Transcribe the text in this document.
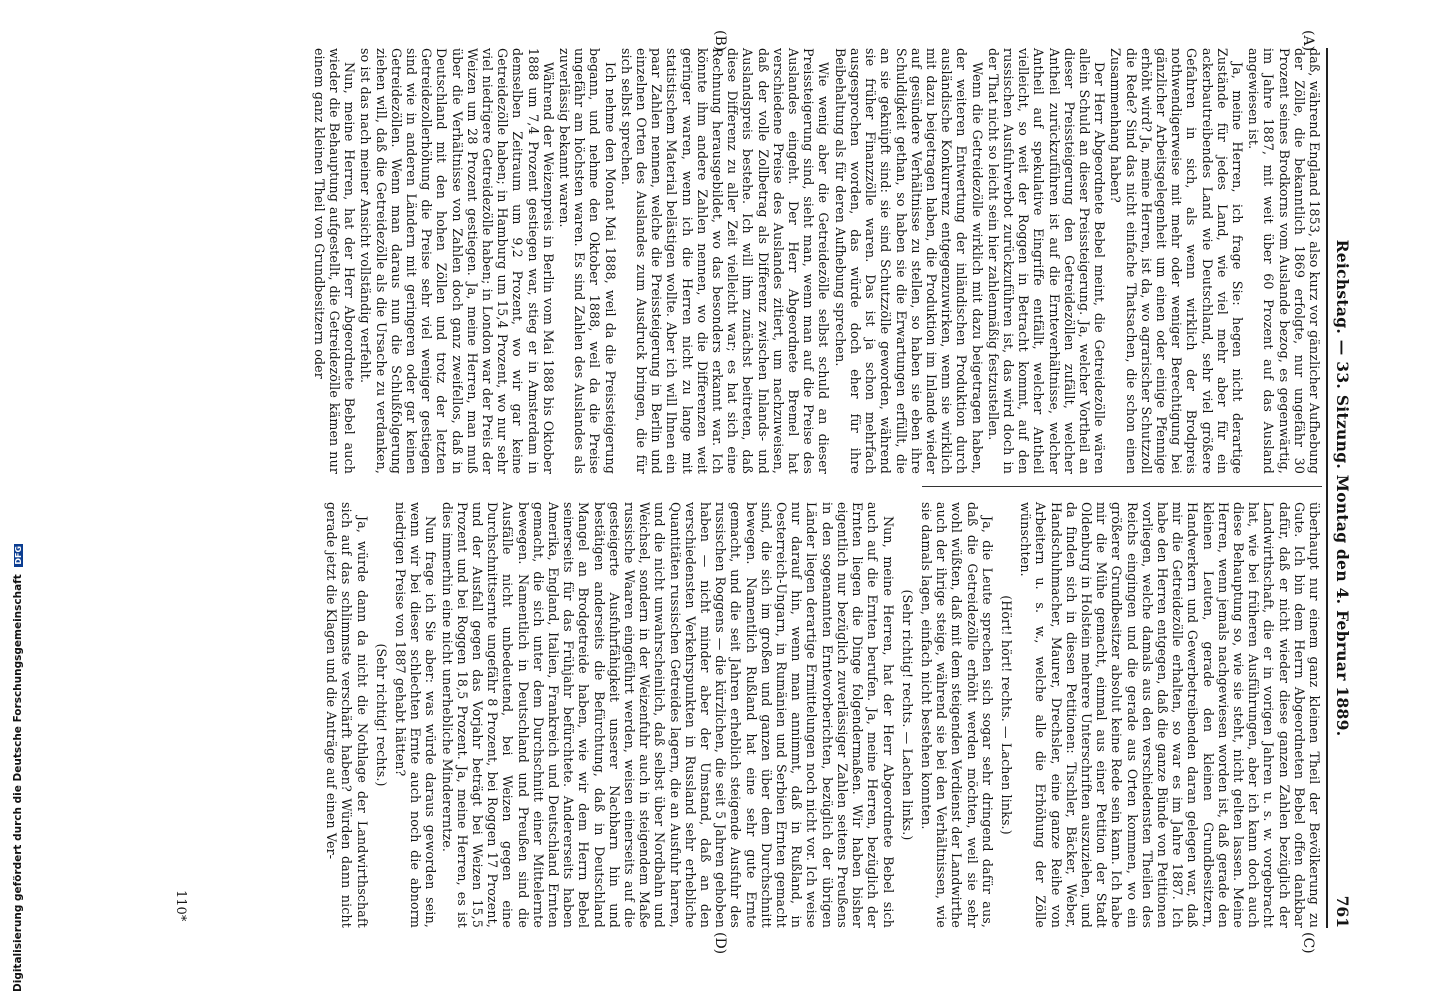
Digitalisierung gefördert durch die Deutsche Forschungsgemeinschaft DFG	Reichstag. — 33. Sitzung. Montag den 4. Februar 1889.
761
(A)
(B)
(C)
(D)

daß, während England 1853, also kurz vor gänzlicher Aufhebung der Zölle, die bekanntlich 1869 erfolgte, nur ungefähr 30 Prozent seines Brodkorns vom Auslande bezog, es gegenwärtig, im Jahre 1887, mit weit über 60 Prozent auf das Ausland angewiesen ist.

Ja, meine Herren, ich frage Sie: hegen nicht derartige Zustände für jedes Land, wie viel mehr aber für ein ackerbautreibendes Land wie Deutschland, sehr viel größere Gefahren in sich, als wenn wirklich der Brodpreis nothwendigerweise mit mehr oder weniger Berechtigung bei gänzlicher Arbeitsgelegenheit um einen oder einige Pfennige erhöht wird? Ja, meine Herren, ist da, wo agrarischer Schutzzoll die Rede? Sind das nicht einfache Thatsachen, die schon einen Zusammenhang haben?

Der Herr Abgeordnete Bebel meint, die Getreidezölle wären allein Schuld an dieser Preissteigerung. Ja, welcher Vortheil an dieser Preissteigerung den Getreidezöllen zufällt, welcher Antheil zurückzuführen ist auf die Ernteverhältnisse, welcher Antheil auf spekulative Eingriffe entfällt, welcher Antheil vielleicht, so weit der Roggen in Betracht kommt, auf den russischen Ausfuhrverbot zurückzuführen ist, das wird doch in der That nicht so leicht sein hier zahlenmäßig festzustellen.

Wenn die Getreidezölle wirklich mit dazu beigetragen haben, der weiteren Entwertung der inländischen Produktion durch ausländische Konkurrenz entgegenzuwirken, wenn sie wirklich mit dazu beigetragen haben, die Produktion im Inlande wieder auf gesündere Verhältnisse zu stellen, so haben sie eben ihre Schuldigkeit gethan, so haben sie die Erwartungen erfüllt, die an sie geknüpft sind: sie sind Schutzzölle geworden, während sie früher Finanzzölle waren. Das ist ja schon mehrfach ausgesprochen worden, das würde doch eher für ihre Beibehaltung als für deren Aufhebung sprechen.

Wie wenig aber die Getreidezölle selbst schuld an dieser Preissteigerung sind, sieht man, wenn man auf die Preise des Auslandes eingeht. Der Herr Abgeordnete Bremel hat verschiedene Preise des Auslandes zitiert, um nachzuweisen, daß der volle Zollbetrag als Differenz zwischen Inlands- und Auslandspreis bestehe. Ich will ihm zunächst beitreten, daß diese Differenz zu aller Zeit vielleicht war; es hat sich eine Rechnung herausgebildet, wo das besonders erkannt war. Ich könnte ihm andere Zahlen nennen, wo die Differenzen weit geringer waren, wenn ich die Herren nicht zu lange mit statistischem Material belästigen wollte. Aber ich will Ihnen ein paar Zahlen nennen, welche die Preissteigerung in Berlin und einzelnen Orten des Auslandes zum Ausdruck bringen, die für sich selbst sprechen.

Ich nehme den Monat Mai 1888, weil da die Preissteigerung begann, und nehme den Oktober 1888, weil da die Preise ungefähr am höchsten waren. Es sind Zahlen des Auslandes als zuverlässig bekannt waren.

Während der Weizenpreis in Berlin vom Mai 1888 bis Oktober 1888 um 7,4 Prozent gestiegen war, stieg er in Amsterdam in demselben Zeitraum um 9,2 Prozent, wo wir gar keine Getreidezölle haben; in Hamburg um 15,4 Prozent, wo nur sehr viel niedrigere Getreidezölle haben; in London war der Preis der Weizen um 28 Prozent gestiegen. Ja, meine Herren, man muß über die Verhältnisse von Zahlen doch ganz zweifellos, daß in Deutschland mit den hohen Zöllen und trotz der letzten Getreidezollerhöhung die Preise sehr viel weniger gestiegen sind wie in anderen Ländern mit geringeren oder gar keinen Getreidezöllen. Wenn man daraus nun die Schlußfolgerung ziehen will, daß die Getreidezölle als die Ursache zu verdanken, so ist das nach meiner Ansicht vollständig verfehlt.

Nun, meine Herren, hat der Herr Abgeordnete Bebel auch wieder die Behauptung aufgestellt, die Getreidezölle kämen nur einem ganz kleinen Theil von Grundbesitzern oder

überhaupt nur einem ganz kleinen Theil der Bevölkerung zu Gute. Ich bin dem Herrn Abgeordneten Bebel offen dankbar dafür, daß er nicht wieder diese ganzen Zahlen bezüglich der Landwirthschaft, die er in vorigen Jahren u. s. w. vorgebracht hat, wie bei früheren Ausführungen, aber ich kann doch auch diese Behauptung so, wie sie steht, nicht gelten lassen. Meine Herren, wenn jemals nachgewiesen worden ist, daß gerade den kleinen Leuten, gerade den kleinen Grundbesitzern, Handwerkern und Gewerbetreibenden daran gelegen war, daß mir die Getreidezölle erhalten, so war es im Jahre 1887. Ich habe den Herren entgegen, daß die ganze Bünde von Petitionen vorliegen, welche damals aus den verschiedensten Theilen des Reichs eingingen und die gerade aus Orten kommen, wo ein größerer Grundbesitzer absolut keine Rede sein kann. Ich habe mir die Mühe gemacht, einmal aus einer Petition der Stadt Oldenburg in Holstein mehrere Unterschriften auszuziehen, und da finden sich in diesen Petitionen: Tischler, Bäcker, Weber, Handschuhmacher, Maurer, Drechsler, eine ganze Reihe von Arbeitern u. s. w., welche alle die Erhöhung der Zölle wünschten.

(Hört! hört! rechts. — Lachen links.)

Ja, die Leute sprechen sich sogar sehr dringend dafür aus, daß die Getreidezölle erhöht werden möchten, weil sie sehr wohl wüßten, daß mit dem steigenden Verdienst der Landwirthe auch der ihrige steige, während sie bei den Verhältnissen, wie sie damals lagen, einfach nicht bestehen konnten.

(Sehr richtig! rechts. — Lachen links.)

Nun, meine Herren, hat der Herr Abgeordnete Bebel sich auch auf die Ernten berufen. Ja, meine Herren, bezüglich der Ernten liegen die Dinge folgendermaßen. Wir haben bisher eigentlich nur bezüglich zuverlässiger Zahlen seitens Preußens in den sogenannten Erntevorberichten, bezüglich der übrigen Länder liegen derartige Ermittelungen noch nicht vor. Ich weise nur darauf hin, wenn man annimmt, daß in Rußland, in Oesterreich-Ungarn, in Rumänien und Serbien Ernten gemacht sind, die sich im großen und ganzen über dem Durchschnitt bewegen. Namentlich Rußland hat eine sehr gute Ernte gemacht, und die seit Jahren erheblich steigende Ausfuhr des russischen Roggens — die kürzlichen, die seit 5 Jahren gehoben haben — nicht minder aber der Umstand, daß an den verschiedensten Verkehrspunkten in Russland sehr erhebliche Quantitäten russischen Getreides lagern, die an Ausfuhr harren, und die nicht unwahrscheinlich, daß selbst über Nordbahn und Weichsel, sondern in der Weizenfuhr auch in steigendem Maße russische Waaren eingeführt werden, weisen einerseits auf die gesteigerte Ausfuhrfähigkeit unserer Nachbarn hin und bestätigen anderseits die Befürchtung, daß in Deutschland Mangel an Brodgetreide haben, wie wir dem Herrn Bebel seinerseits für das Frühjahr befürchtete. Andererseits haben Amerika, England, Italien, Frankreich und Deutschland Ernten gemacht, die sich unter dem Durchschnitt einer Mittelernte bewegen. Namentlich in Deutschland und Preußen sind die Ausfälle nicht unbedeutend, bei Weizen gegen eine Durchschnittsernte ungefähr 8 Prozent, bei Roggen 17 Prozent, und der Ausfall gegen das Vorjahr beträgt bei Weizen 15,5 Prozent und bei Roggen 18,5 Prozent. Ja, meine Herren, es ist dies immerhin eine nicht unerhebliche Mindererntze.

Nun frage ich Sie aber: was würde daraus geworden sein, wenn wir bei dieser schlechten Ernte auch noch die abnorm niedrigen Preise von 1887 gehabt hätten?

(Sehr richtig! rechts.)

Ja, würde dann da nicht die Nothlage der Landwirthschaft sich auf das schlimmste verschärft haben? Würden dann nicht gerade jetzt die Klagen und die Anträge auf einen Ver-

110*
